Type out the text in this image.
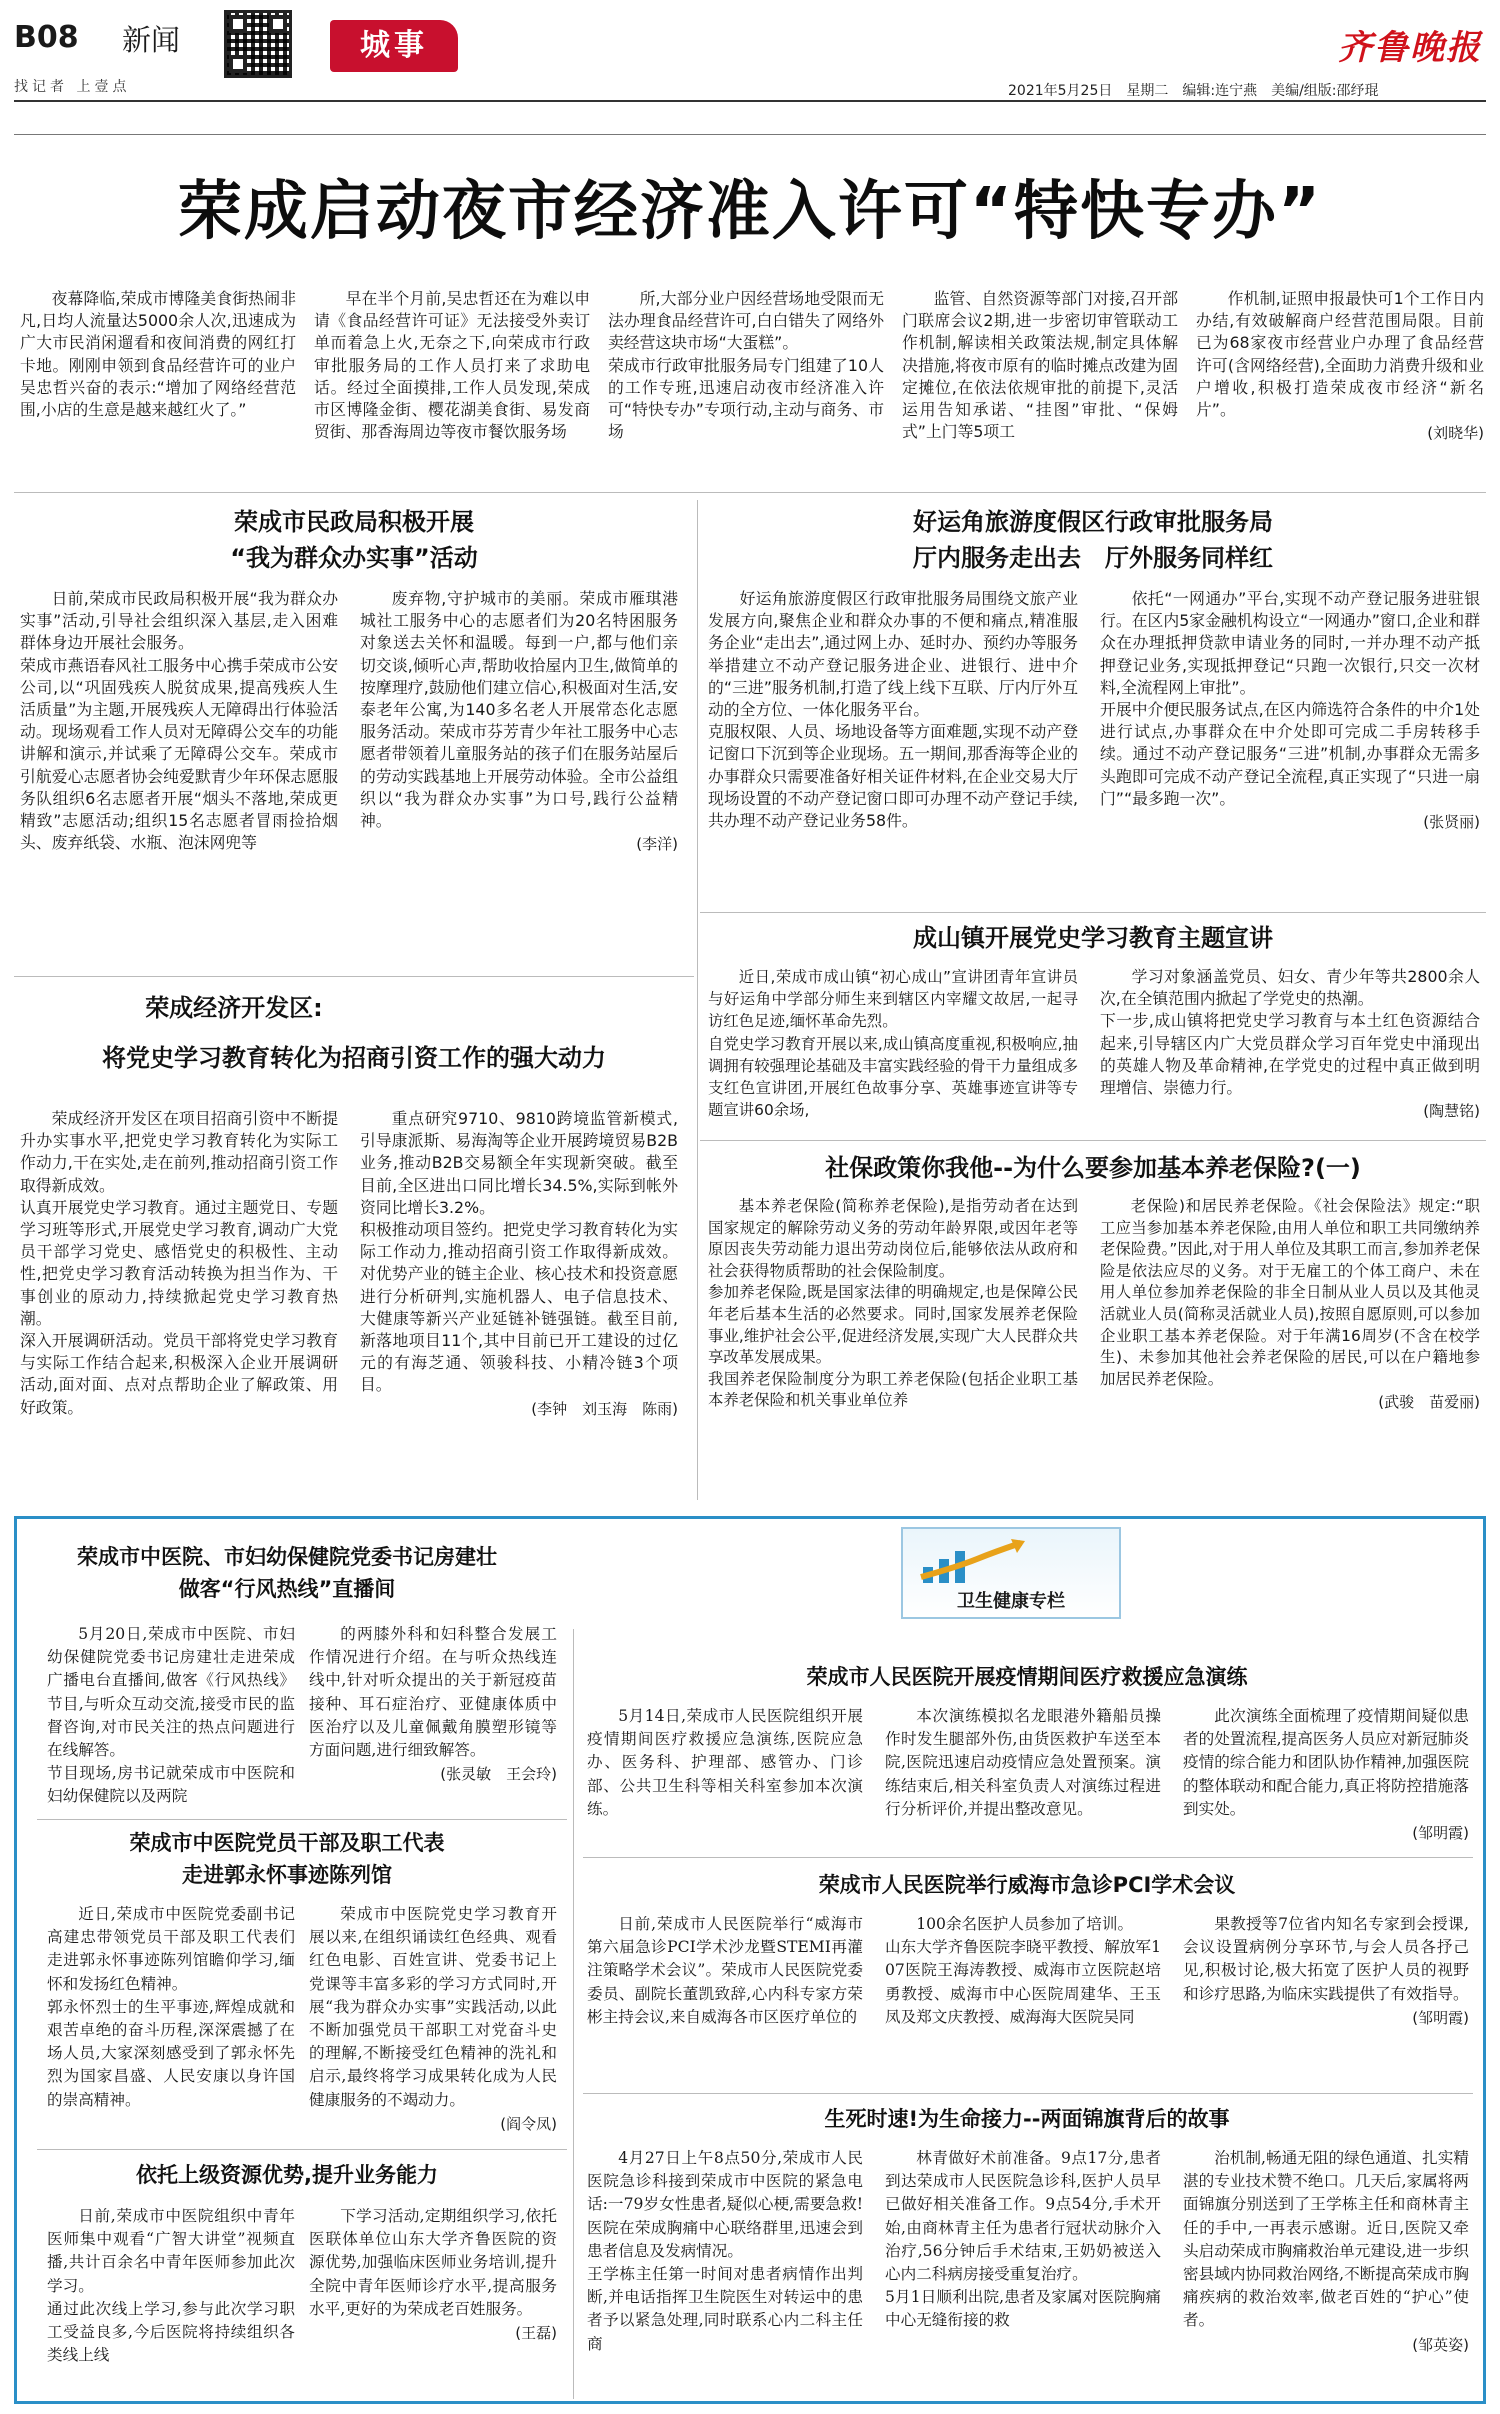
B08 新闻
找记者 上壹点
城事	齐鲁晚报
2021年5月25日　星期二　编辑:连宁燕　美编/组版:邵纾琨
荣成启动夜市经济准入许可“特快专办”

夜幕降临,荣成市博隆美食街热闹非凡,日均人流量达5000余人次,迅速成为广大市民消闲遛看和夜间消费的网红打卡地。刚刚申领到食品经营许可的业户吴忠哲兴奋的表示:“增加了网络经营范围,小店的生意是越来越红火了。”

早在半个月前,吴忠哲还在为难以申请《食品经营许可证》无法接受外卖订单而着急上火,无奈之下,向荣成市行政审批服务局的工作人员打来了求助电话。经过全面摸排,工作人员发现,荣成市区博隆金街、樱花湖美食街、易发商贸街、那香海周边等夜市餐饮服务场

所,大部分业户因经营场地受限而无法办理食品经营许可,白白错失了网络外卖经营这块市场“大蛋糕”。
荣成市行政审批服务局专门组建了10人的工作专班,迅速启动夜市经济准入许可“特快专办”专项行动,主动与商务、市场

监管、自然资源等部门对接,召开部门联席会议2期,进一步密切审管联动工作机制,解读相关政策法规,制定具体解决措施,将夜市原有的临时摊点改建为固定摊位,在依法依规审批的前提下,灵活运用告知承诺、“挂图”审批、“保姆式”上门等5项工

作机制,证照申报最快可1个工作日内办结,有效破解商户经营范围局限。目前已为68家夜市经营业户办理了食品经营许可(含网络经营),全面助力消费升级和业户增收,积极打造荣成夜市经济“新名片”。

(刘晓华)
荣成市民政局积极开展
“我为群众办实事”活动

日前,荣成市民政局积极开展“我为群众办实事”活动,引导社会组织深入基层,走入困难群体身边开展社会服务。
荣成市燕语春风社工服务中心携手荣成市公安公司,以“巩固残疾人脱贫成果,提高残疾人生活质量”为主题,开展残疾人无障碍出行体验活动。现场观看工作人员对无障碍公交车的功能讲解和演示,并试乘了无障碍公交车。荣成市引航爱心志愿者协会纯爱默青少年环保志愿服务队组织6名志愿者开展“烟头不落地,荣成更精致”志愿活动;组织15名志愿者冒雨捡拾烟头、废弃纸袋、水瓶、泡沫网兜等

废弃物,守护城市的美丽。荣成市雁琪港城社工服务中心的志愿者们为20名特困服务对象送去关怀和温暖。每到一户,都与他们亲切交谈,倾听心声,帮助收拾屋内卫生,做简单的按摩理疗,鼓励他们建立信心,积极面对生活,安泰老年公寓,为140多名老人开展常态化志愿服务活动。荣成市芬芳青少年社工服务中心志愿者带领着儿童服务站的孩子们在服务站屋后的劳动实践基地上开展劳动体验。全市公益组织以“我为群众办实事”为口号,践行公益精神。

(李洋)
好运角旅游度假区行政审批服务局
厅内服务走出去　厅外服务同样红

好运角旅游度假区行政审批服务局围绕文旅产业发展方向,聚焦企业和群众办事的不便和痛点,精准服务企业“走出去”,通过网上办、延时办、预约办等服务举措建立不动产登记服务进企业、进银行、进中介的“三进”服务机制,打造了线上线下互联、厅内厅外互动的全方位、一体化服务平台。
克服权限、人员、场地设备等方面难题,实现不动产登记窗口下沉到等企业现场。五一期间,那香海等企业的办事群众只需要准备好相关证件材料,在企业交易大厅现场设置的不动产登记窗口即可办理不动产登记手续,共办理不动产登记业务58件。

依托“一网通办”平台,实现不动产登记服务进驻银行。在区内5家金融机构设立“一网通办”窗口,企业和群众在办理抵押贷款申请业务的同时,一并办理不动产抵押登记业务,实现抵押登记“只跑一次银行,只交一次材料,全流程网上审批”。
开展中介便民服务试点,在区内筛选符合条件的中介1处进行试点,办事群众在中介处即可完成二手房转移手续。通过不动产登记服务“三进”机制,办事群众无需多头跑即可完成不动产登记全流程,真正实现了“只进一扇门”“最多跑一次”。

(张贤丽)
成山镇开展党史学习教育主题宣讲

近日,荣成市成山镇“初心成山”宣讲团青年宣讲员与好运角中学部分师生来到辖区内宰耀文故居,一起寻访红色足迹,缅怀革命先烈。
自党史学习教育开展以来,成山镇高度重视,积极响应,抽调拥有较强理论基础及丰富实践经验的骨干力量组成多支红色宣讲团,开展红色故事分享、英雄事迹宣讲等专题宣讲60余场,

学习对象涵盖党员、妇女、青少年等共2800余人次,在全镇范围内掀起了学党史的热潮。
下一步,成山镇将把党史学习教育与本土红色资源结合起来,引导辖区内广大党员群众学习百年党史中涌现出的英雄人物及革命精神,在学党史的过程中真正做到明理增信、崇德力行。

(陶慧铭)
荣成经济开发区:
将党史学习教育转化为招商引资工作的强大动力

荣成经济开发区在项目招商引资中不断提升办实事水平,把党史学习教育转化为实际工作动力,干在实处,走在前列,推动招商引资工作取得新成效。
认真开展党史学习教育。通过主题党日、专题学习班等形式,开展党史学习教育,调动广大党员干部学习党史、感悟党史的积极性、主动性,把党史学习教育活动转换为担当作为、干事创业的原动力,持续掀起党史学习教育热潮。
深入开展调研活动。党员干部将党史学习教育与实际工作结合起来,积极深入企业开展调研活动,面对面、点对点帮助企业了解政策、用好政策。

重点研究9710、9810跨境监管新模式,引导康派斯、易海淘等企业开展跨境贸易B2B业务,推动B2B交易额全年实现新突破。截至目前,全区进出口同比增长34.5%,实际到帐外资同比增长3.2%。
积极推动项目签约。把党史学习教育转化为实际工作动力,推动招商引资工作取得新成效。对优势产业的链主企业、核心技术和投资意愿进行分析研判,实施机器人、电子信息技术、大健康等新兴产业延链补链强链。截至目前,新落地项目11个,其中目前已开工建设的过亿元的有海芝通、领骏科技、小精冷链3个项目。

(李钟　刘玉海　陈雨)
社保政策你我他--为什么要参加基本养老保险?(一)

基本养老保险(简称养老保险),是指劳动者在达到国家规定的解除劳动义务的劳动年龄界限,或因年老等原因丧失劳动能力退出劳动岗位后,能够依法从政府和社会获得物质帮助的社会保险制度。
参加养老保险,既是国家法律的明确规定,也是保障公民年老后基本生活的必然要求。同时,国家发展养老保险事业,维护社会公平,促进经济发展,实现广大人民群众共享改革发展成果。
我国养老保险制度分为职工养老保险(包括企业职工基本养老保险和机关事业单位养

老保险)和居民养老保险。《社会保险法》规定:“职工应当参加基本养老保险,由用人单位和职工共同缴纳养老保险费。”因此,对于用人单位及其职工而言,参加养老保险是依法应尽的义务。对于无雇工的个体工商户、未在用人单位参加养老保险的非全日制从业人员以及其他灵活就业人员(简称灵活就业人员),按照自愿原则,可以参加企业职工基本养老保险。对于年满16周岁(不含在校学生)、未参加其他社会养老保险的居民,可以在户籍地参加居民养老保险。

(武骏　苗爱丽)
卫生健康专栏
荣成市中医院、市妇幼保健院党委书记房建壮
做客“行风热线”直播间

5月20日,荣成市中医院、市妇幼保健院党委书记房建壮走进荣成广播电台直播间,做客《行风热线》节目,与听众互动交流,接受市民的监督咨询,对市民关注的热点问题进行在线解答。
节目现场,房书记就荣成市中医院和妇幼保健院以及两院

的两膝外科和妇科整合发展工作情况进行介绍。在与听众热线连线中,针对听众提出的关于新冠疫苗接种、耳石症治疗、亚健康体质中医治疗以及儿童佩戴角膜塑形镜等方面问题,进行细致解答。

(张灵敏　王会玲)
荣成市中医院党员干部及职工代表
走进郭永怀事迹陈列馆

近日,荣成市中医院党委副书记高建忠带领党员干部及职工代表们走进郭永怀事迹陈列馆瞻仰学习,缅怀和发扬红色精神。
郭永怀烈士的生平事迹,辉煌成就和艰苦卓绝的奋斗历程,深深震撼了在场人员,大家深刻感受到了郭永怀先烈为国家昌盛、人民安康以身许国的崇高精神。

荣成市中医院党史学习教育开展以来,在组织诵读红色经典、观看红色电影、百姓宣讲、党委书记上党课等丰富多彩的学习方式同时,开展“我为群众办实事”实践活动,以此不断加强党员干部职工对党奋斗史的理解,不断接受红色精神的洗礼和启示,最终将学习成果转化成为人民健康服务的不竭动力。

(阎令凤)
依托上级资源优势,提升业务能力

日前,荣成市中医院组织中青年医师集中观看“广智大讲堂”视频直播,共计百余名中青年医师参加此次学习。
通过此次线上学习,参与此次学习职工受益良多,今后医院将持续组织各类线上线

下学习活动,定期组织学习,依托医联体单位山东大学齐鲁医院的资源优势,加强临床医师业务培训,提升全院中青年医师诊疗水平,提高服务水平,更好的为荣成老百姓服务。

(王磊)
荣成市人民医院开展疫情期间医疗救援应急演练

5月14日,荣成市人民医院组织开展疫情期间医疗救援应急演练,医院应急办、医务科、护理部、感管办、门诊部、公共卫生科等相关科室参加本次演练。

本次演练模拟名龙眼港外籍船员操作时发生腿部外伤,由货医救护车送至本院,医院迅速启动疫情应急处置预案。演练结束后,相关科室负责人对演练过程进行分析评价,并提出整改意见。

此次演练全面梳理了疫情期间疑似患者的处置流程,提高医务人员应对新冠肺炎疫情的综合能力和团队协作精神,加强医院的整体联动和配合能力,真正将防控措施落到实处。

(邹明霞)
荣成市人民医院举行威海市急诊PCI学术会议

日前,荣成市人民医院举行“威海市第六届急诊PCI学术沙龙暨STEMI再灌注策略学术会议”。荣成市人民医院党委委员、副院长董凯致辞,心内科专家方荣彬主持会议,来自威海各市区医疗单位的

100余名医护人员参加了培训。
山东大学齐鲁医院李晓平教授、解放军107医院王海涛教授、威海市立医院赵培勇教授、威海市中心医院周建华、王玉凤及郑文庆教授、威海海大医院吴同

果教授等7位省内知名专家到会授课,会议设置病例分享环节,与会人员各抒己见,积极讨论,极大拓宽了医护人员的视野和诊疗思路,为临床实践提供了有效指导。

(邹明霞)
生死时速!为生命接力--两面锦旗背后的故事

4月27日上午8点50分,荣成市人民医院急诊科接到荣成市中医院的紧急电话:一79岁女性患者,疑似心梗,需要急救!医院在荣成胸痛中心联络群里,迅速会到患者信息及发病情况。
王学栋主任第一时间对患者病情作出判断,并电话指挥卫生院医生对转运中的患者予以紧急处理,同时联系心内二科主任商

林青做好术前准备。9点17分,患者到达荣成市人民医院急诊科,医护人员早已做好相关准备工作。9点54分,手术开始,由商林青主任为患者行冠状动脉介入治疗,56分钟后手术结束,王奶奶被送入心内二科病房接受重复治疗。
5月1日顺利出院,患者及家属对医院胸痛中心无缝衔接的救

治机制,畅通无阻的绿色通道、扎实精湛的专业技术赞不绝口。几天后,家属将两面锦旗分别送到了王学栋主任和商林青主任的手中,一再表示感谢。近日,医院又牵头启动荣成市胸痛救治单元建设,进一步织密县域内协同救治网络,不断提高荣成市胸痛疾病的救治效率,做老百姓的“护心”使者。

(邹英姿)
